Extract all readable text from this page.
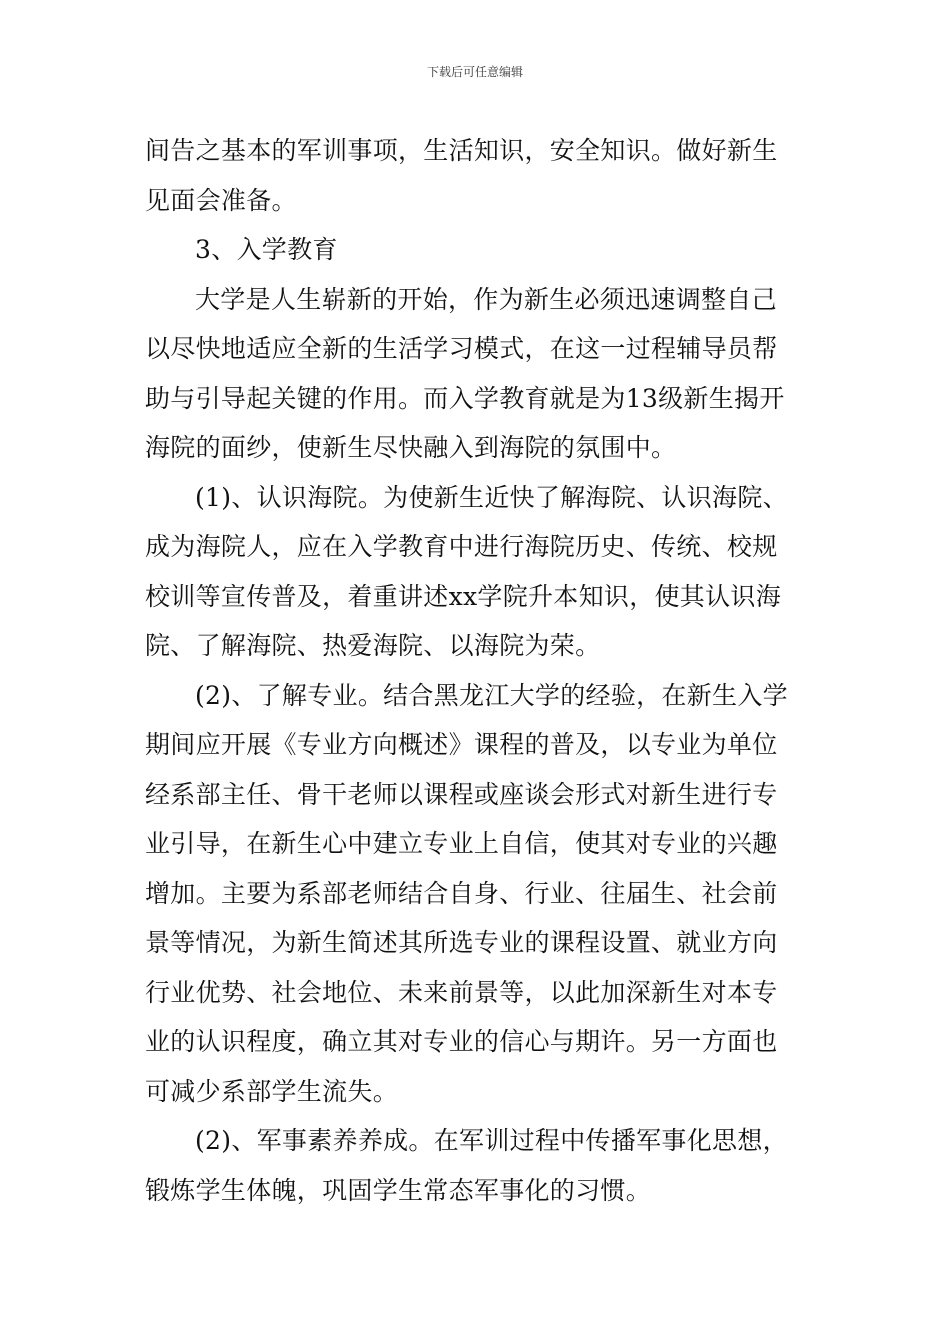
下载后可任意编辑
间告之基本的军训事项，生活知识，安全知识。做好新生
见面会准备。
3、入学教育
大学是人生崭新的开始，作为新生必须迅速调整自己
以尽快地适应全新的生活学习模式，在这一过程辅导员帮
助与引导起关键的作用。而入学教育就是为13级新生揭开
海院的面纱，使新生尽快融入到海院的氛围中。
(1)、认识海院。为使新生近快了解海院、认识海院、
成为海院人，应在入学教育中进行海院历史、传统、校规
校训等宣传普及，着重讲述xx学院升本知识，使其认识海
院、了解海院、热爱海院、以海院为荣。
(2)、了解专业。结合黑龙江大学的经验，在新生入学
期间应开展《专业方向概述》课程的普及，以专业为单位
经系部主任、骨干老师以课程或座谈会形式对新生进行专
业引导，在新生心中建立专业上自信，使其对专业的兴趣
增加。主要为系部老师结合自身、行业、往届生、社会前
景等情况，为新生简述其所选专业的课程设置、就业方向
行业优势、社会地位、未来前景等，以此加深新生对本专
业的认识程度，确立其对专业的信心与期许。另一方面也
可减少系部学生流失。
(2)、军事素养养成。在军训过程中传播军事化思想，
锻炼学生体魄，巩固学生常态军事化的习惯。
